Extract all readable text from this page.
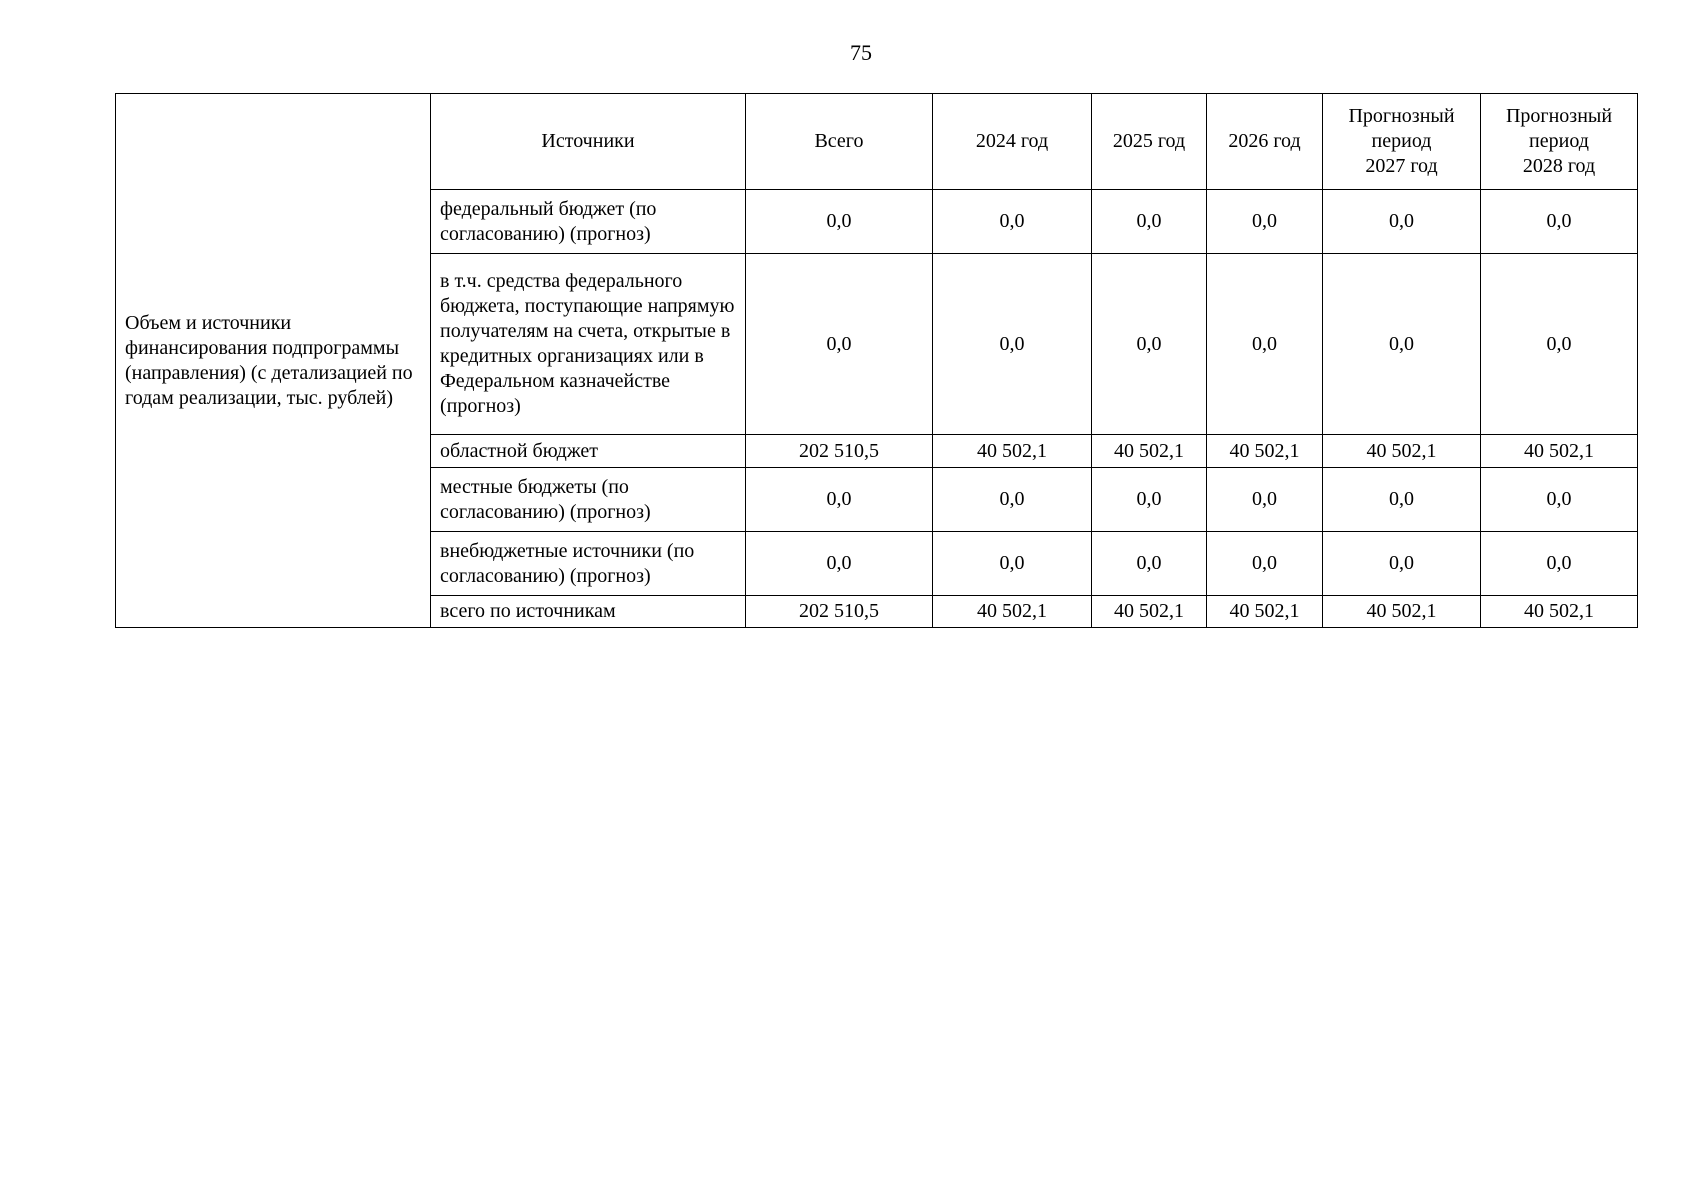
75
Объем и источники финансирования подпрограммы (направления) (с детализацией по годам реализации, тыс. рублей)	Источники	Всего	2024 год	2025 год	2026 год	Прогнозный
период
2027 год	Прогнозный
период
2028 год

	федеральный бюджет (по согласованию) (прогноз)	0,0	0,0	0,0	0,0	0,0	0,0
	в т.ч. средства федерального бюджета, поступающие напрямую получателям на счета, открытые в кредитных организациях или в Федеральном казначействе (прогноз)	0,0	0,0	0,0	0,0	0,0	0,0
	областной бюджет	202 510,5	40 502,1	40 502,1	40 502,1	40 502,1	40 502,1
	местные бюджеты (по согласованию) (прогноз)	0,0	0,0	0,0	0,0	0,0	0,0
	внебюджетные источники (по согласованию) (прогноз)	0,0	0,0	0,0	0,0	0,0	0,0
	всего по источникам	202 510,5	40 502,1	40 502,1	40 502,1	40 502,1	40 502,1
